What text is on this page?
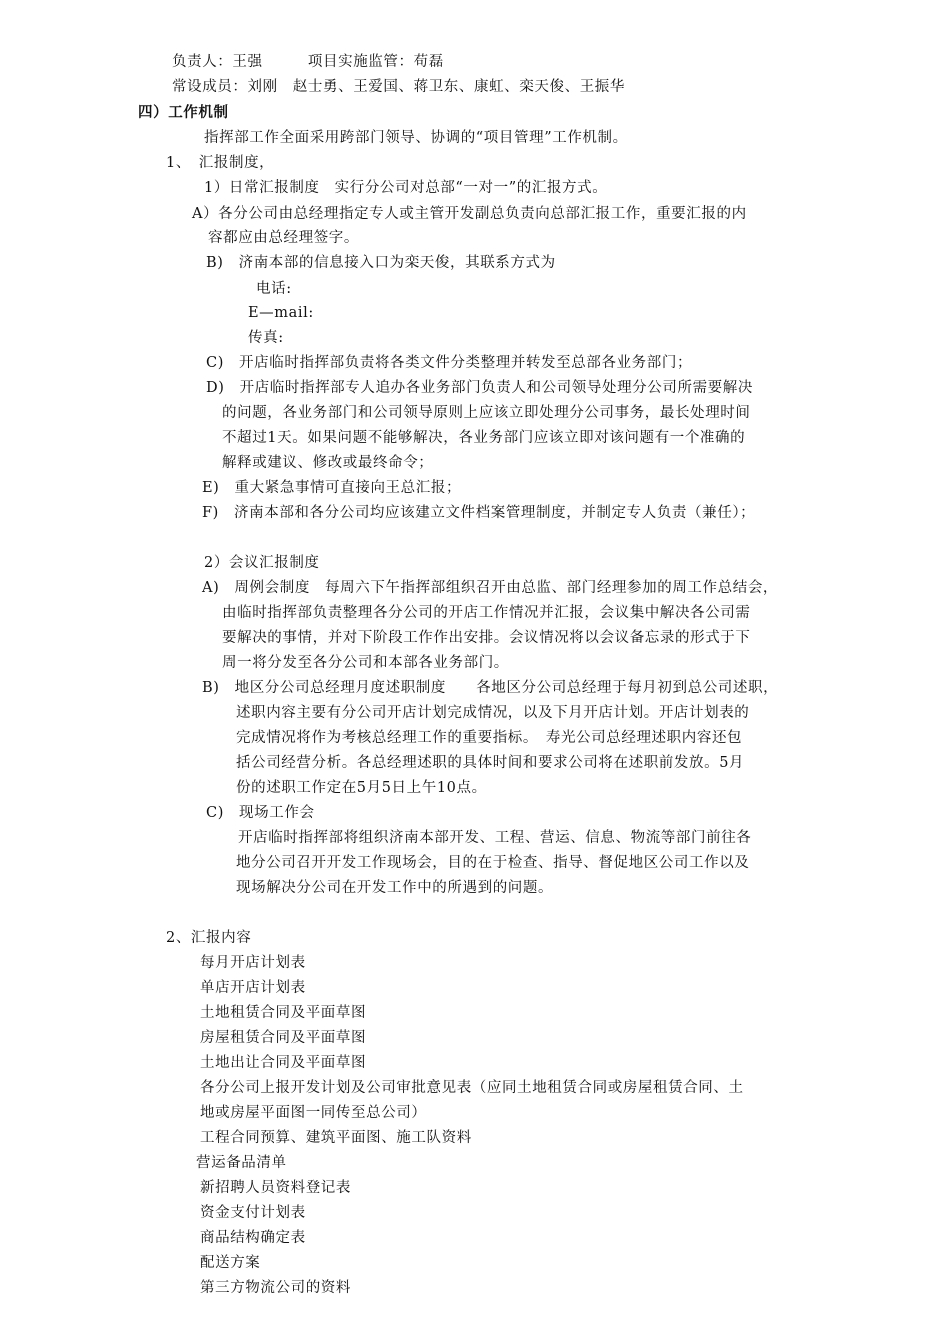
负责人：王强　　　项目实施监管：苟磊
常设成员：刘刚　赵士勇、王爱国、蒋卫东、康虹、栾天俊、王振华
四）工作机制
指挥部工作全面采用跨部门领导、协调的“项目管理”工作机制。
1、　汇报制度，
1）日常汇报制度　实行分公司对总部“一对一”的汇报方式。
A）各分公司由总经理指定专人或主管开发副总负责向总部汇报工作，重要汇报的内
容都应由总经理签字。
B)　济南本部的信息接入口为栾天俊，其联系方式为
电话:
E—mail:
传真:
C)　开店临时指挥部负责将各类文件分类整理并转发至总部各业务部门；
D)　开店临时指挥部专人追办各业务部门负责人和公司领导处理分公司所需要解决
的问题，各业务部门和公司领导原则上应该立即处理分公司事务，最长处理时间
不超过1天。如果问题不能够解决，各业务部门应该立即对该问题有一个准确的
解释或建议、修改或最终命令；
E)　重大紧急事情可直接向王总汇报；
F)　济南本部和各分公司均应该建立文件档案管理制度，并制定专人负责（兼任）；
2）会议汇报制度
A)　周例会制度　每周六下午指挥部组织召开由总监、部门经理参加的周工作总结会，
由临时指挥部负责整理各分公司的开店工作情况并汇报，会议集中解决各公司需
要解决的事情，并对下阶段工作作出安排。会议情况将以会议备忘录的形式于下
周一将分发至各分公司和本部各业务部门。
B)　地区分公司总经理月度述职制度　　各地区分公司总经理于每月初到总公司述职，
述职内容主要有分公司开店计划完成情况，以及下月开店计划。开店计划表的
完成情况将作为考核总经理工作的重要指标。　寿光公司总经理述职内容还包
括公司经营分析。各总经理述职的具体时间和要求公司将在述职前发放。5月
份的述职工作定在5月5日上午10点。
C)　现场工作会
开店临时指挥部将组织济南本部开发、工程、营运、信息、物流等部门前往各
地分公司召开开发工作现场会，目的在于检查、指导、督促地区公司工作以及
现场解决分公司在开发工作中的所遇到的问题。
2、汇报内容
每月开店计划表
单店开店计划表
土地租赁合同及平面草图
房屋租赁合同及平面草图
土地出让合同及平面草图
各分公司上报开发计划及公司审批意见表（应同土地租赁合同或房屋租赁合同、土
地或房屋平面图一同传至总公司）
工程合同预算、建筑平面图、施工队资料
营运备品清单
新招聘人员资料登记表
资金支付计划表
商品结构确定表
配送方案
第三方物流公司的资料
